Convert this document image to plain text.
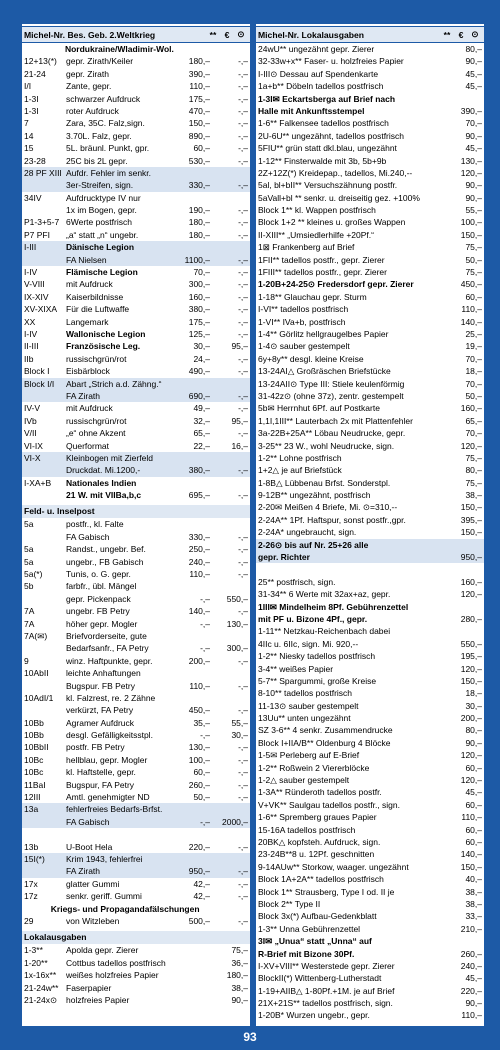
Michel-Nr. Bes. Geb. 2.Weltkrieg	** € ⊙
Nordukraine/Wladimir-Wol.
12+13(*)	gepr. Zirath/Keiler	180,–	-,–
21-24	gepr. Zirath	390,–	-,–
I/I	Zante, gepr.	110,–	-,–
1-3I	schwarzer Aufdruck	175,–	-,–
1-3I	roter Aufdruck	470,–	-,–
7	Zara, 35C. Falz,sign.	150,–	-,–
14	3.70L. Falz, gepr.	890,–	-,–
15	5L. bräunl. Punkt, gpr.	60,–	-,–
23-28	25C bis 2L gepr.	530,–	-,–
28 PF XIII Aufdr. Fehler im senkr.
3er-Streifen, sign.	330,–	-,–
34IV	Aufdrucktype IV nur
1x im Bogen, gepr.	190,–	-,–
P1-3+5-7 6Werte postfrisch	180,–	-,–
P7 PFI	„a“ statt „n“ ungebr.	180,–	-,–
I-III	Dänische Legion
FA Nielsen	1100,–	-,–
I-IV	Flämische Legion	70,–	-,–
V-VIII	mit Aufdruck	300,–	-,–
IX-XIV	Kaiserbildnisse	160,–	-,–
XV-XIXA	Für die Luftwaffe	380,–	-,–
XX	Langemark	175,–	-,–
I-IV	Wallonische Legion	125,–	-,–
II-III	Französische Leg.	30,–	95,–
IIb	russischgrün/rot	24,–	-,–
Block I	Eisbärblock	490,–	-,–
Block I/I	Abart „Strich a.d. Zähng.“
FA Zirath	690,–	-,–
IV-V	mit Aufdruck	49,–	-,–
IVb	russischgrün/rot	32,–	95,–
V/II	„e“ ohne Akzent	65,–	-,–
VI-IX	Querformat	22,–	16,–
VI-X	Kleinbogen mit Zierfeld
Druckdat. Mi.1200,-	380,–	-,–
I-XA+B	Nationales Indien
21 W. mit VIIBa,b,c	695,–	-,–
Feld- u. Inselpost
5a	postfr., kl. Falte
FA Gabisch	330,–	-,–
5a	Randst., ungebr. Bef.	250,–	-,–
5a	ungebr., FB Gabisch	240,–	-,–
5a(*)	Tunis, o. G. gepr.	110,–	-,–
5b	farbfr., übl. Mängel
gepr. Pickenpack	-,–	550,–
7A	ungebr. FB Petry	140,–	-,–
7A	höher gepr. Mogler	-,–	130,–
7A(✉)	Briefvorderseite, gute
Bedarfsanfr., FA Petry	-,–	300,–
9	winz. Haftpunkte, gepr.	200,–	-,–
10AbII	leichte Anhaftungen
Bugspur. FB Petry	110,–	-,–
10AdI/1	kl. Falzrest, re. 2 Zähne
verkürzt, FA Petry	450,–	-,–
10Bb	Agramer Aufdruck	35,–	55,–
10Bb	desgl. Gefälligkeitsstpl.	-,–	30,–
10BbII	postfr. FB Petry	130,–	-,–
10Bc	hellblau, gepr. Mogler	100,–	-,–
10Bc	kl. Haftstelle, gepr.	60,–	-,–
11BaI	Bugspur, FA Petry	260,–	-,–
12III	Amtl. genehmigter ND	50,–	-,–
13a	fehlerfreies Bedarfs-Brfst.
FA Gabisch	-,–	2000,–
13b	U-Boot Hela	220,–	-,–
15I(*)	Krim 1943, fehlerfrei
FA Zirath	950,–	-,–
17x	glatter Gummi	42,–	-,–
17z	senkr. geriff. Gummi	42,–	-,–
Kriegs- und Propagandafälschungen
29	von Witzleben	500,–	-,–
Lokalausgaben
1-3**	Apolda gepr. Zierer	75,–
1-20**	Cottbus tadellos postfrisch	36,–
1x-16x**	weißes holzfreies Papier	180,–
21-24w** Faserpapier	38,–
21-24x⊙	holzfreies Papier	90,–
Michel-Nr. Lokalausgaben	** € ⊙
24wU** ungezähnt gepr. Zierer	80,–
32-33w+x** Faser- u. holzfreies Papier	90,–
I-III⊙ Dessau auf Spendenkarte	45,–
1a+b** Döbeln tadellos postfrisch	45,–
1-3I✉ Eckartsberga auf Brief nach
Halle mit Ankunftsstempel	390,–
1-6** Falkensee tadellos postfrisch	70,–
2U-6U** ungezähnt, tadellos postfrisch	90,–
5FIU** grün statt dkl.blau, ungezähnt	45,–
1-12** Finsterwalde mit 3b, 5b+9b	130,–
2Z+12Z(*) Kreidepap., tadellos, Mi.240,--	120,–
5al, bl+bII** Versuchszähnung postfr.	90,–
5aVall+bl ** senkr. u. dreiseitig gez. +100%	90,–
Block 1** kl. Wappen postfrisch	55,–
Block 1+2 ** kleines u. großes Wappen	100,–
II-XIII** „Umsiedlerhilfe +20Pf.“	150,–
1⊠ Frankenberg auf Brief	75,–
1FII** tadellos postfr., gepr. Zierer	50,–
1FIII** tadellos postfr., gepr. Zierer	75,–
1-20B+24-25⊙ Fredersdorf gepr. Zierer	450,–
1-18** Glauchau gepr. Sturm	60,–
I-VI** tadellos postfrisch	110,–
1-VI** IVa+b, postfrisch	140,–
1-4** Görlitz hellgraugelbes Papier	25,–
1-4⊙ sauber gestempelt	19,–
6y+8y** desgl. kleine Kreise	70,–
13-24AI△ Großräschen Briefstücke	18,–
13-24AII⊙ Type III: Stiele keulenförmig	70,–
31-42z⊙ (ohne 37z), zentr. gestempelt	50,–
5b✉ Herrnhut 6Pf. auf Postkarte	160,–
1,1I,1III** Lauterbach 2x mit Plattenfehler	65,–
3a-22B+25A** Löbau Neudrucke, gepr.	70,–
3-25** 23 W., wohl Neudrucke, sign.	120,–
1-2** Lohne postfrisch	75,–
1+2△ je auf Briefstück	80,–
1-8B△ Lübbenau Brfst. Sonderstpl.	75,–
9-12B** ungezähnt, postfrisch	38,–
2-20✉ Meißen 4 Briefe, Mi. ⊙=310,--	150,–
2-24A** 1Pf. Haftspur, sonst postfr.,gpr.	395,–
2-24A* ungebraucht, sign.	150,–
2-26⊙ bis auf Nr. 25+26 alle
gepr. Richter	950,–
25** postfrisch, sign.	160,–
31-34** 6 Werte mit 32ax+az, gepr.	120,–
1III✉ Mindelheim 8Pf. Gebührenzettel
mit PF u. Bizone 4Pf., gepr.	280,–
1-11** Netzkau-Reichenbach dabei
4IIc u. 6IIc, sign. Mi. 920,--	550,–
1-2** Niesky tadellos postfrisch	195,–
3-4** weißes Papier	120,–
5-7** Spargummi, große Kreise	150,–
8-10** tadellos postfrisch	18,–
11-13⊙ sauber gestempelt	30,–
13Uu** unten ungezähnt	200,–
SZ 3-6** 4 senkr. Zusammendrucke	80,–
Block I+IIA/B** Oldenburg 4 Blöcke	90,–
1-5✉ Perleberg auf E-Brief	120,–
1-2** Roßwein 2 Viererblöcke	60,–
1-2△ sauber gestempelt	120,–
1-3A** Ründeroth tadellos postfr.	45,–
V+VK** Saulgau tadellos postfr., sign.	60,–
1-6** Spremberg graues Papier	110,–
15-16A tadellos postfrisch	60,–
20BK△ kopfsteh. Aufdruck, sign.	60,–
23-24B**8 u. 12Pf. geschnitten	140,–
9-14AUw** Storkow, waager. ungezähnt	150,–
Block 1A+2A** tadellos postfrisch	40,–
Block 1** Strausberg, Type I od. II je	38,–
Block 2** Type II	38,–
Block 3x(*) Aufbau-Gedenkblatt	33,–
1-3** Unna Gebührenzettel	210,–
3I✉ „Unua“ statt „Unna“ auf
R-Brief mit Bizone 30Pf.	260,–
I-XV+VIII** Westerstede gepr. Zierer	240,–
BlockII(*) Wittenberg-Lutherstadt	45,–
1-19+AIIB△ 1-80Pf.+1M. je auf Brief	220,–
21X+21S** tadellos postfrisch, sign.	90,–
1-20B* Wurzen ungebr., gepr.	110,–
93
